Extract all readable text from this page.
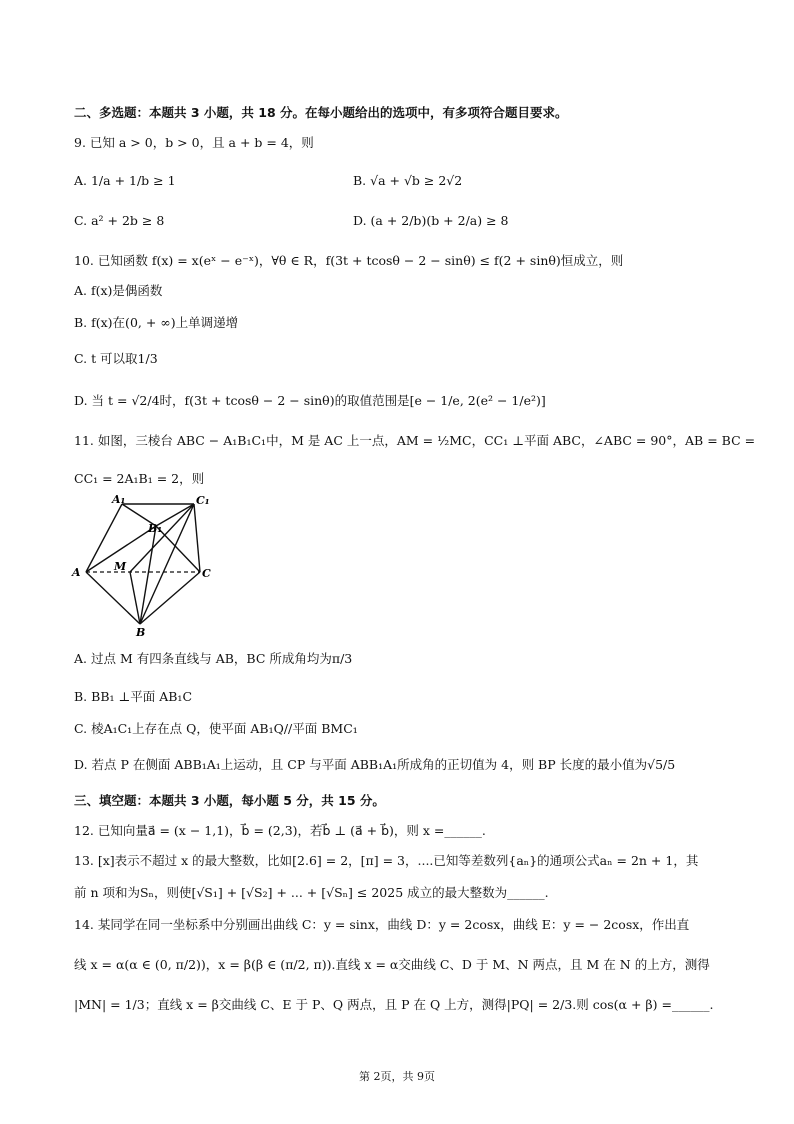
二、多选题：本题共 3 小题，共 18 分。在每小题给出的选项中，有多项符合题目要求。
9. 已知 a > 0，b > 0，且 a + b = 4，则
A. 1/a + 1/b ≥ 1	B. √a + √b ≥ 2√2
C. a² + 2b ≥ 8	D. (a + 2/b)(b + 2/a) ≥ 8
10. 已知函数 f(x) = x(eˣ − e⁻ˣ)，∀θ ∈ R，f(3t + tcosθ − 2 − sinθ) ≤ f(2 + sinθ)恒成立，则
A. f(x)是偶函数
B. f(x)在(0, + ∞)上单调递增
C. t 可以取1/3
D. 当 t = √2/4时，f(3t + tcosθ − 2 − sinθ)的取值范围是[e − 1/e, 2(e² − 1/e²)]
11. 如图，三棱台 ABC − A₁B₁C₁中，M 是 AC 上一点，AM = ½MC，CC₁ ⊥平面 ABC，∠ABC = 90°，AB = BC =
CC₁ = 2A₁B₁ = 2，则
A₁	C₁
B₁
M
A	C
B
A. 过点 M 有四条直线与 AB，BC 所成角均为π/3
B. BB₁ ⊥平面 AB₁C
C. 棱A₁C₁上存在点 Q，使平面 AB₁Q//平面 BMC₁
D. 若点 P 在侧面 ABB₁A₁上运动，且 CP 与平面 ABB₁A₁所成角的正切值为 4，则 BP 长度的最小值为√5/5
三、填空题：本题共 3 小题，每小题 5 分，共 15 分。
12. 已知向量a⃗ = (x − 1,1)，b⃗ = (2,3)，若b⃗ ⊥ (a⃗ + b⃗)，则 x =______.
13. [x]表示不超过 x 的最大整数，比如[2.6] = 2，[π] = 3，....已知等差数列{aₙ}的通项公式aₙ = 2n + 1，其
前 n 项和为Sₙ，则使[√S₁] + [√S₂] + ... + [√Sₙ] ≤ 2025 成立的最大整数为______.
14. 某同学在同一坐标系中分别画出曲线 C：y = sinx，曲线 D：y = 2cosx，曲线 E：y = − 2cosx，作出直
线 x = α(α ∈ (0, π/2))，x = β(β ∈ (π/2, π)).直线 x = α交曲线 C、D 于 M、N 两点，且 M 在 N 的上方，测得
|MN| = 1/3；直线 x = β交曲线 C、E 于 P、Q 两点，且 P 在 Q 上方，测得|PQ| = 2/3.则 cos(α + β) =______.
第 2页，共 9页
